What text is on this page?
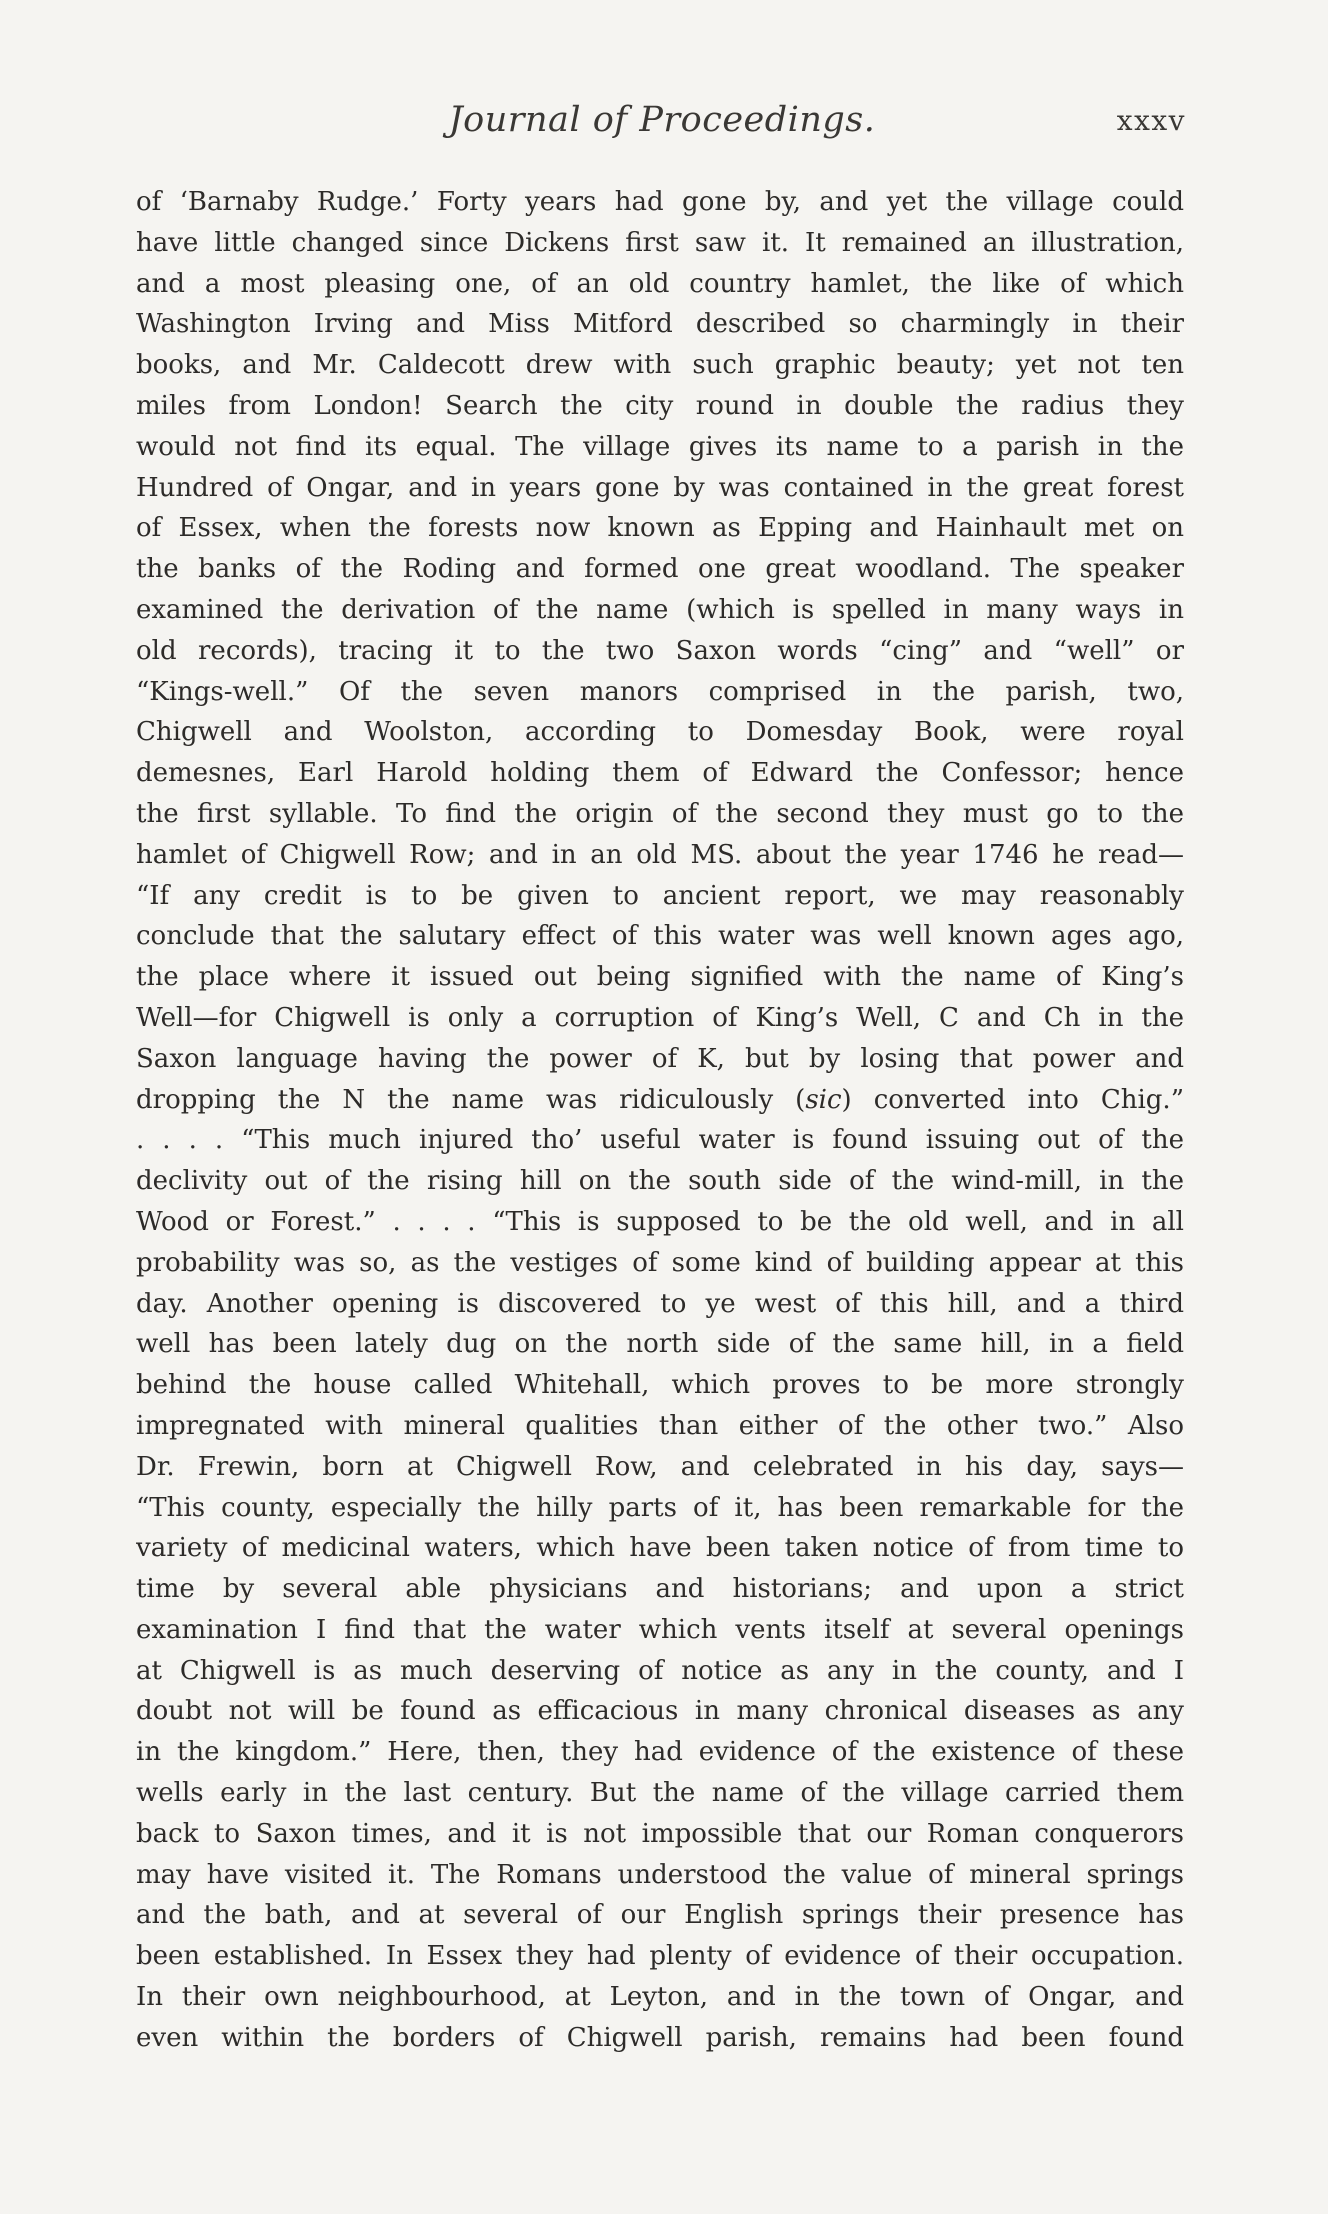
Journal of Proceedings.	xxxv
of ‘Barnaby Rudge.’ Forty years had gone by, and yet the village could
have little changed since Dickens first saw it. It remained an illustration,
and a most pleasing one, of an old country hamlet, the like of which
Washington Irving and Miss Mitford described so charmingly in their
books, and Mr. Caldecott drew with such graphic beauty; yet not ten
miles from London! Search the city round in double the radius they
would not find its equal. The village gives its name to a parish in the
Hundred of Ongar, and in years gone by was contained in the great forest
of Essex, when the forests now known as Epping and Hainhault met on
the banks of the Roding and formed one great woodland. The speaker
examined the derivation of the name (which is spelled in many ways in
old records), tracing it to the two Saxon words “cing” and “well” or
“Kings-well.” Of the seven manors comprised in the parish, two,
Chigwell and Woolston, according to Domesday Book, were royal
demesnes, Earl Harold holding them of Edward the Confessor; hence
the first syllable. To find the origin of the second they must go to the
hamlet of Chigwell Row; and in an old MS. about the year 1746 he read—
“If any credit is to be given to ancient report, we may reasonably
conclude that the salutary effect of this water was well known ages ago,
the place where it issued out being signified with the name of King’s
Well—for Chigwell is only a corruption of King’s Well, C and Ch in the
Saxon language having the power of K, but by losing that power and
dropping the N the name was ridiculously (sic) converted into Chig.”
. . . . “This much injured tho’ useful water is found issuing out of the
declivity out of the rising hill on the south side of the wind-mill, in the
Wood or Forest.” . . . . “This is supposed to be the old well, and in all
probability was so, as the vestiges of some kind of building appear at this
day. Another opening is discovered to ye west of this hill, and a third
well has been lately dug on the north side of the same hill, in a field
behind the house called Whitehall, which proves to be more strongly
impregnated with mineral qualities than either of the other two.” Also
Dr. Frewin, born at Chigwell Row, and celebrated in his day, says—
“This county, especially the hilly parts of it, has been remarkable for the
variety of medicinal waters, which have been taken notice of from time to
time by several able physicians and historians; and upon a strict
examination I find that the water which vents itself at several openings
at Chigwell is as much deserving of notice as any in the county, and I
doubt not will be found as efficacious in many chronical diseases as any
in the kingdom.” Here, then, they had evidence of the existence of these
wells early in the last century. But the name of the village carried them
back to Saxon times, and it is not impossible that our Roman conquerors
may have visited it. The Romans understood the value of mineral springs
and the bath, and at several of our English springs their presence has
been established. In Essex they had plenty of evidence of their occupation.
In their own neighbourhood, at Leyton, and in the town of Ongar, and
even within the borders of Chigwell parish, remains had been found
